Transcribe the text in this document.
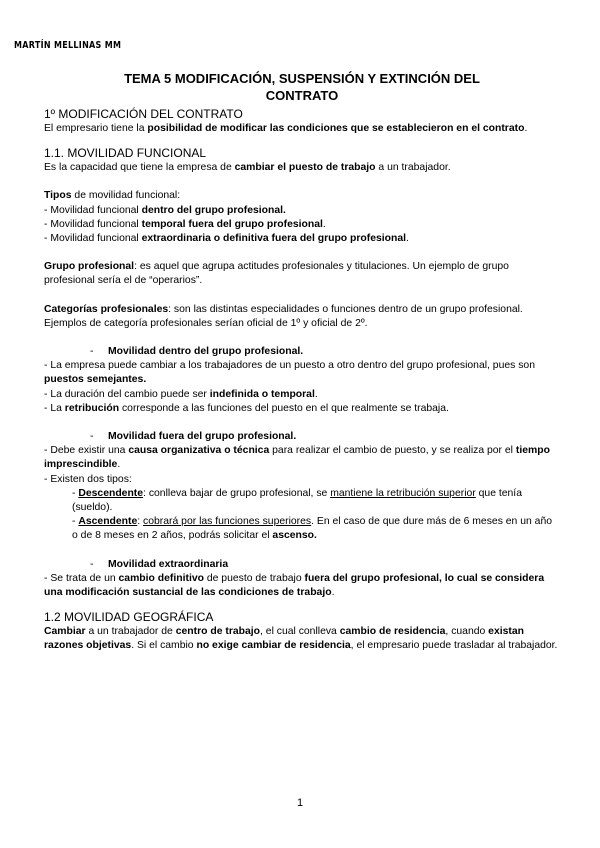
MARTÍN MELLINAS MM
TEMA 5 MODIFICACIÓN, SUSPENSIÓN Y EXTINCIÓN DEL CONTRATO
1º MODIFICACIÓN DEL CONTRATO

El empresario tiene la posibilidad de modificar las condiciones que se establecieron en el contrato.

1.1. MOVILIDAD FUNCIONAL

Es la capacidad que tiene la empresa de cambiar el puesto de trabajo a un trabajador.

Tipos de movilidad funcional:

- Movilidad funcional dentro del grupo profesional.

- Movilidad funcional temporal fuera del grupo profesional.

- Movilidad funcional extraordinaria o definitiva fuera del grupo profesional.

Grupo profesional: es aquel que agrupa actitudes profesionales y titulaciones. Un ejemplo de grupo profesional sería el de “operarios”.

Categorías profesionales: son las distintas especialidades o funciones dentro de un grupo profesional. Ejemplos de categoría profesionales serían oficial de 1º y oficial de 2º.

- Movilidad dentro del grupo profesional.

- La empresa puede cambiar a los trabajadores de un puesto a otro dentro del grupo profesional, pues son puestos semejantes.

- La duración del cambio puede ser indefinida o temporal.

- La retribución corresponde a las funciones del puesto en el que realmente se trabaja.

- Movilidad fuera del grupo profesional.

- Debe existir una causa organizativa o técnica para realizar el cambio de puesto, y se realiza por el tiempo imprescindible.

- Existen dos tipos:

- Descendente: conlleva bajar de grupo profesional, se mantiene la retribución superior que tenía (sueldo).

- Ascendente: cobrará por las funciones superiores. En el caso de que dure más de 6 meses en un año o de 8 meses en 2 años, podrás solicitar el ascenso.

- Movilidad extraordinaria

- Se trata de un cambio definitivo de puesto de trabajo fuera del grupo profesional, lo cual se considera una modificación sustancial de las condiciones de trabajo.

1.2 MOVILIDAD GEOGRÁFICA

Cambiar a un trabajador de centro de trabajo, el cual conlleva cambio de residencia, cuando existan razones objetivas. Si el cambio no exige cambiar de residencia, el empresario puede trasladar al trabajador.

1
